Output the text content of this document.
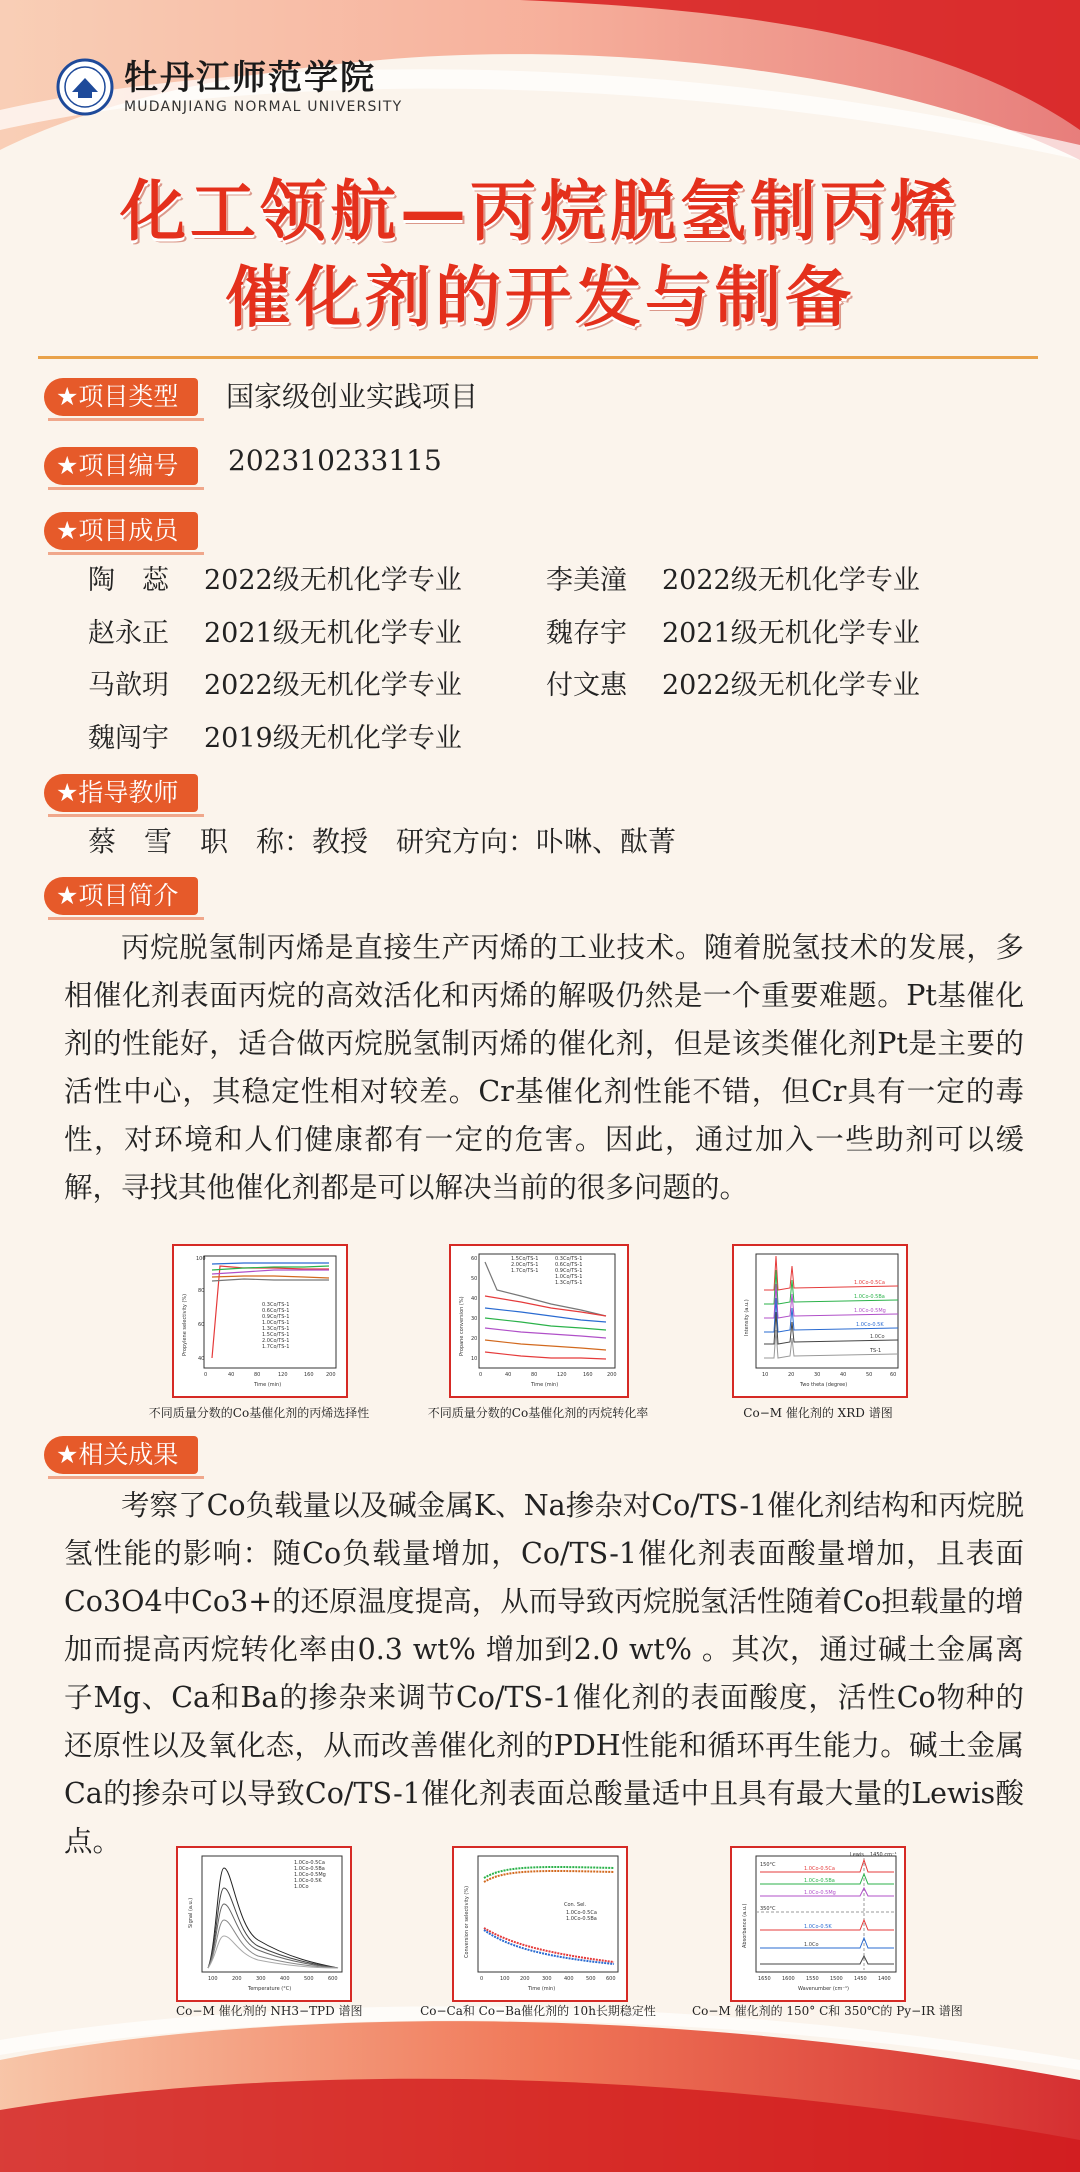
牡丹江师范学院
MUDANJIANG NORMAL UNIVERSITY
化工领航—丙烷脱氢制丙烯
催化剂的开发与制备
★项目类型	国家级创业实践项目
★项目编号	202310233115
★项目成员
陶　蕊 2022级无机化学专业	李美潼 2022级无机化学专业
赵永正 2021级无机化学专业	魏存宇 2021级无机化学专业
马歆玥 2022级无机化学专业	付文惠 2022级无机化学专业
魏闯宇 2019级无机化学专业
★指导教师
蔡　雪　职　称：教授　研究方向：卟啉、酞菁
★项目简介
丙烷脱氢制丙烯是直接生产丙烯的工业技术。随着脱氢技术的发展，多相催化剂表面丙烷的高效活化和丙烯的解吸仍然是一个重要难题。Pt基催化剂的性能好，适合做丙烷脱氢制丙烯的催化剂，但是该类催化剂Pt是主要的活性中心，其稳定性相对较差。Cr基催化剂性能不错，但Cr具有一定的毒性，对环境和人们健康都有一定的危害。因此，通过加入一些助剂可以缓解，寻找其他催化剂都是可以解决当前的很多问题的。
0.3Co/TS-1
0.6Co/TS-1
0.9Co/TS-1
1.0Co/TS-1
1.3Co/TS-1
1.5Co/TS-1
2.0Co/TS-1
1.7Co/TS-1
100
80
60
40
0	40	80	120	160 200
Time (min)
Propylene selectivity (%)
不同质量分数的Co基催化剂的丙烯选择性
1.5Co/TS-1	0.3Co/TS-1
2.0Co/TS-1	0.6Co/TS-1
1.7Co/TS-1	0.9Co/TS-1
1.0Co/TS-1
1.3Co/TS-1
60
50
40
30
20
10
0	40	80	120	160	200
Time (min)
Propane conversion (%)
不同质量分数的Co基催化剂的丙烷转化率
1.0Co-0.5Ca
1.0Co-0.5Ba
1.0Co-0.5Mg
1.0Co-0.5K
1.0Co
TS-1
10	20	30	40	50	60
Two theta (degree)
Intensity (a.u.)
Co−M 催化剂的 XRD 谱图
★相关成果
考察了Co负载量以及碱金属K、Na掺杂对Co/TS-1催化剂结构和丙烷脱氢性能的影响：随Co负载量增加，Co/TS-1催化剂表面酸量增加，且表面Co3O4中Co3+的还原温度提高，从而导致丙烷脱氢活性随着Co担载量的增加而提高丙烷转化率由0.3 wt% 增加到2.0 wt% 。其次，通过碱土金属离子Mg、Ca和Ba的掺杂来调节Co/TS-1催化剂的表面酸度，活性Co物种的还原性以及氧化态，从而改善催化剂的PDH性能和循环再生能力。碱土金属Ca的掺杂可以导致Co/TS-1催化剂表面总酸量适中且具有最大量的Lewis酸点。
1.0Co-0.5Ca
1.0Co-0.5Ba
1.0Co-0.5Mg
1.0Co-0.5K
1.0Co
100	200	300	400	500	600
Temperature (°C)
Signal (a.u.)
Co−M 催化剂的 NH3−TPD 谱图
Con. Sel.
1.0Co-0.5Ca
1.0Co-0.5Ba
0	100 200 300 400 500 600
Time (min)
Conversion or selectivity (%)
Co−Ca和 Co−Ba催化剂的 10h长期稳定性
Lewis 1450 cm⁻¹
150°C
350°C
1.0Co-0.5Ca
1.0Co-0.5Ba
1.0Co-0.5Mg
1.0Co-0.5K
1.0Co
1650 1600 1550 1500 1450 1400
Wavenumber (cm⁻¹)
Absorbance (a.u.)
Co−M 催化剂的 150° C和 350℃的 Py−IR 谱图
